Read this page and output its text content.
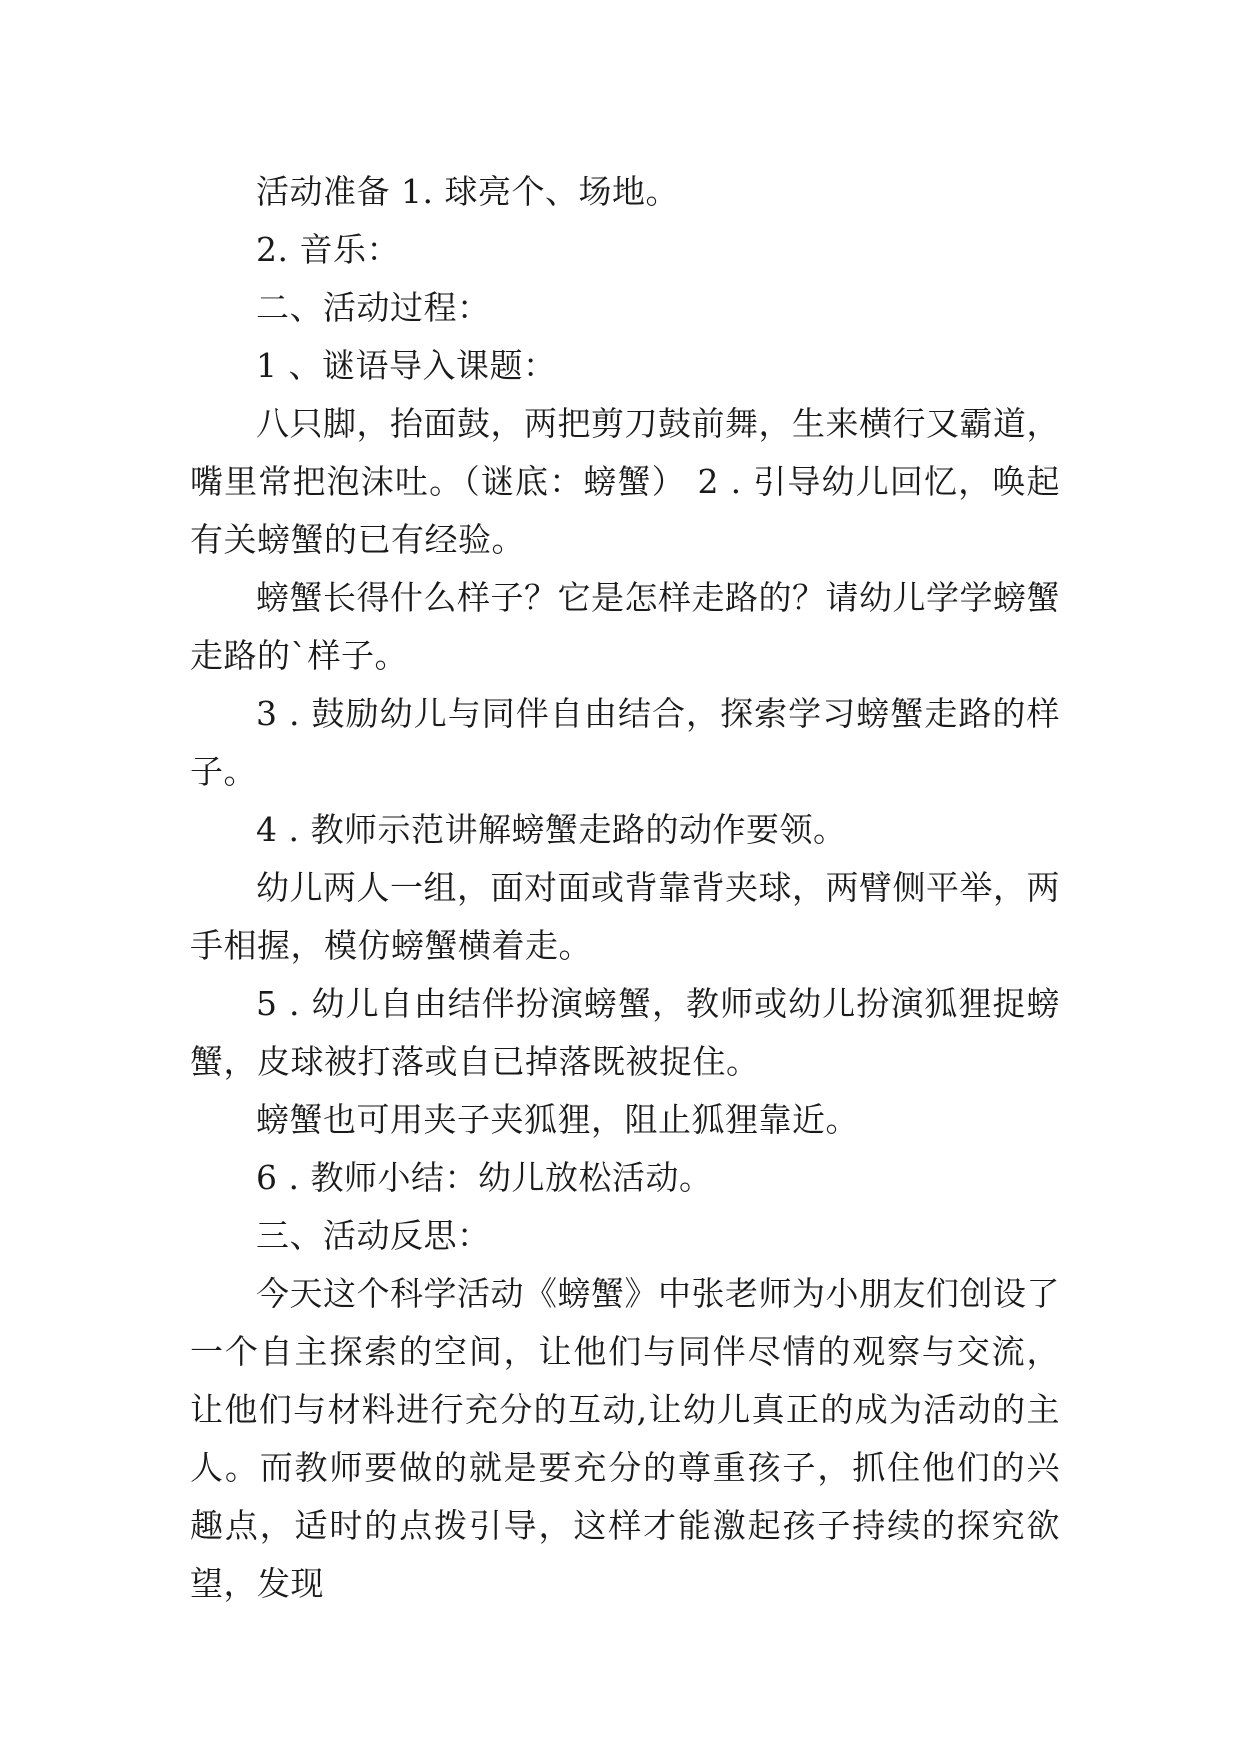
活动准备 1. 球亮个、场地。

2. 音乐：

二、活动过程：

1 、谜语导入课题：

八只脚，抬面鼓，两把剪刀鼓前舞，生来横行又霸道，嘴里常把泡沫吐。（谜底：螃蟹） 2 . 引导幼儿回忆，唤起有关螃蟹的已有经验。

螃蟹长得什么样子？它是怎样走路的？请幼儿学学螃蟹走路的`样子。

3 . 鼓励幼儿与同伴自由结合，探索学习螃蟹走路的样子。

4 . 教师示范讲解螃蟹走路的动作要领。

幼儿两人一组，面对面或背靠背夹球，两臂侧平举，两手相握，模仿螃蟹横着走。

5 . 幼儿自由结伴扮演螃蟹，教师或幼儿扮演狐狸捉螃蟹，皮球被打落或自已掉落既被捉住。

螃蟹也可用夹子夹狐狸，阻止狐狸靠近。

6 . 教师小结：幼儿放松活动。

三、活动反思：

今天这个科学活动《螃蟹》中张老师为小朋友们创设了一个自主探索的空间，让他们与同伴尽情的观察与交流，让他们与材料进行充分的互动,让幼儿真正的成为活动的主人。而教师要做的就是要充分的尊重孩子，抓住他们的兴趣点，适时的点拨引导，这样才能激起孩子持续的探究欲望，发现
